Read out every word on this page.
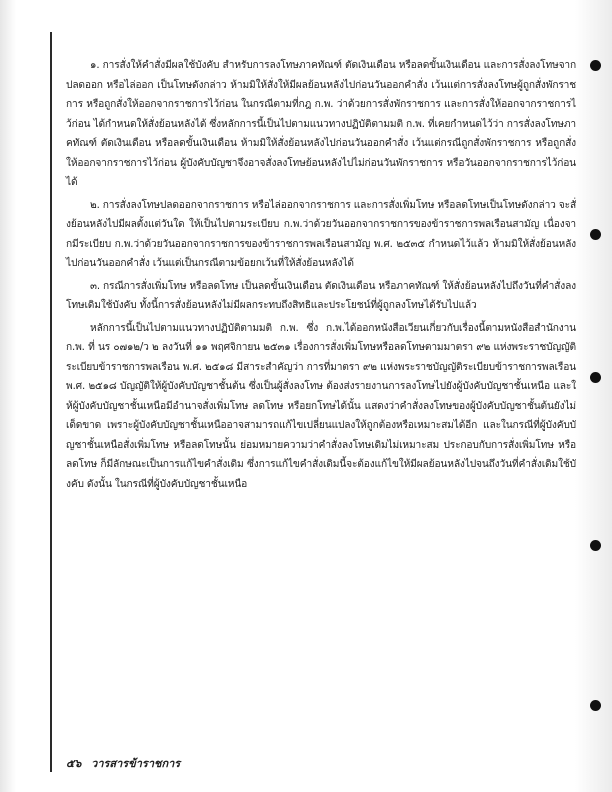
๑. การสั่งให้คำสั่งมีผลใช้บังคับ สำหรับการลงโทษภาคทัณฑ์ ตัดเงินเดือน หรือลดขั้นเงินเดือน และการสั่งลงโทษจากปลดออก หรือไล่ออก เป็นโทษดังกล่าว ห้ามมิให้สั่งให้มีผลย้อนหลังไปก่อนวันออกคำสั่ง เว้นแต่การสั่งลงโทษผู้ถูกสั่งพักราชการ หรือถูกสั่งให้ออกจากราชการไว้ก่อน ในกรณีตามที่กฎ ก.พ. ว่าด้วยการสั่งพักราชการ และการสั่งให้ออกจากราชการไว้ก่อน ได้กำหนดให้สั่งย้อนหลังได้ ซึ่งหลักการนี้เป็นไปตามแนวทางปฏิบัติตามมติ ก.พ. ที่เคยกำหนดไว้ว่า การสั่งลงโทษภาคทัณฑ์ ตัดเงินเดือน หรือลดขั้นเงินเดือน ห้ามมิให้สั่งย้อนหลังไปก่อนวันออกคำสั่ง เว้นแต่กรณีถูกสั่งพักราชการ หรือถูกสั่งให้ออกจากราชการไว้ก่อน ผู้บังคับบัญชาจึงอาจสั่งลงโทษย้อนหลังไปไม่ก่อนวันพักราชการ หรือวันออกจากราชการไว้ก่อนได้

๒. การสั่งลงโทษปลดออกจากราชการ หรือไล่ออกจากราชการ และการสั่งเพิ่มโทษ หรือลดโทษเป็นโทษดังกล่าว จะสั่งย้อนหลังไปมีผลตั้งแต่วันใด ให้เป็นไปตามระเบียบ ก.พ.ว่าด้วยวันออกจากราชการของข้าราชการพลเรือนสามัญ เนื่องจากมีระเบียบ ก.พ.ว่าด้วยวันออกจากราชการของข้าราชการพลเรือนสามัญ พ.ศ. ๒๕๓๕ กำหนดไว้แล้ว ห้ามมิให้สั่งย้อนหลังไปก่อนวันออกคำสั่ง เว้นแต่เป็นกรณีตามข้อยกเว้นที่ให้สั่งย้อนหลังได้

๓. กรณีการสั่งเพิ่มโทษ หรือลดโทษ เป็นลดขั้นเงินเดือน ตัดเงินเดือน หรือภาคทัณฑ์ ให้สั่งย้อนหลังไปถึงวันที่คำสั่งลงโทษเดิมใช้บังคับ ทั้งนี้การสั่งย้อนหลังไม่มีผลกระทบถึงสิทธิและประโยชน์ที่ผู้ถูกลงโทษได้รับไปแล้ว

หลักการนี้เป็นไปตามแนวทางปฏิบัติตามมติ ก.พ. ซึ่ง ก.พ.ได้ออกหนังสือเวียนเกี่ยวกับเรื่องนี้ตามหนังสือสำนักงาน ก.พ. ที่ นร ๐๗๑๒/ว ๒ ลงวันที่ ๑๑ พฤศจิกายน ๒๕๓๑ เรื่องการสั่งเพิ่มโทษหรือลดโทษตามมาตรา ๙๒ แห่งพระราชบัญญัติระเบียบข้าราชการพลเรือน พ.ศ. ๒๕๑๘ มีสาระสำคัญว่า การที่มาตรา ๙๒ แห่งพระราชบัญญัติระเบียบข้าราชการพลเรือน พ.ศ. ๒๕๑๘ บัญญัติให้ผู้บังคับบัญชาชั้นต้น ซึ่งเป็นผู้สั่งลงโทษ ต้องส่งรายงานการลงโทษไปยังผู้บังคับบัญชาชั้นเหนือ และให้ผู้บังคับบัญชาชั้นเหนือมีอำนาจสั่งเพิ่มโทษ ลดโทษ หรือยกโทษได้นั้น แสดงว่าคำสั่งลงโทษของผู้บังคับบัญชาชั้นต้นยังไม่เด็ดขาด เพราะผู้บังคับบัญชาชั้นเหนืออาจสามารถแก้ไขเปลี่ยนแปลงให้ถูกต้องหรือเหมาะสมได้อีก และในกรณีที่ผู้บังคับบัญชาชั้นเหนือสั่งเพิ่มโทษ หรือลดโทษนั้น ย่อมหมายความว่าคำสั่งลงโทษเดิมไม่เหมาะสม ประกอบกับการสั่งเพิ่มโทษ หรือลดโทษ ก็มีลักษณะเป็นการแก้ไขคำสั่งเดิม ซึ่งการแก้ไขคำสั่งเดิมนี้จะต้องแก้ไขให้มีผลย้อนหลังไปจนถึงวันที่คำสั่งเดิมใช้บังคับ ดังนั้น ในกรณีที่ผู้บังคับบัญชาชั้นเหนือ

๕๖ วารสารข้าราชการ
